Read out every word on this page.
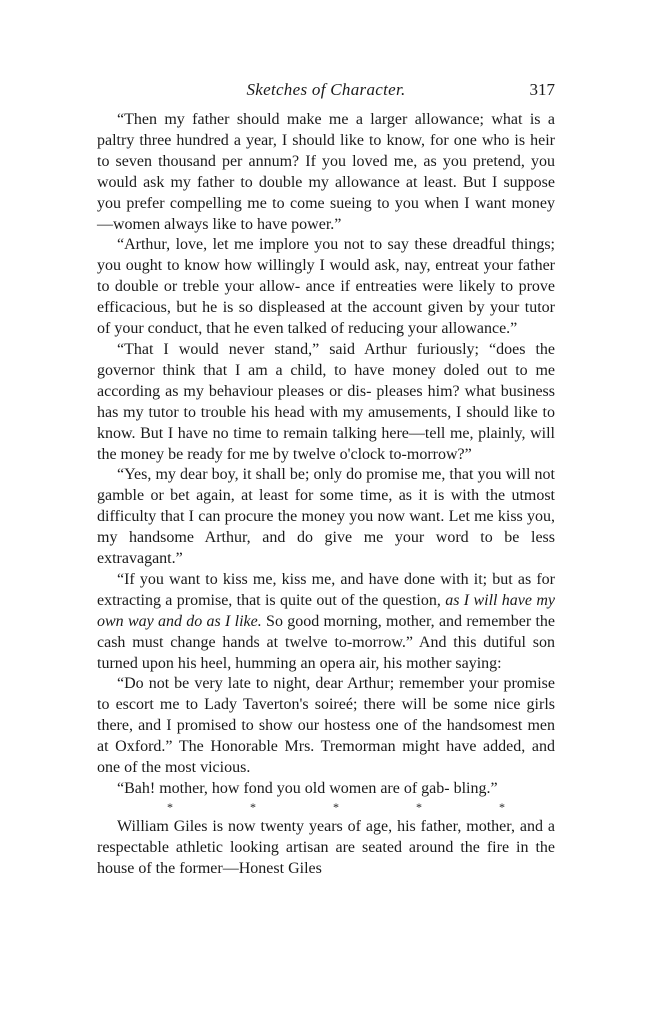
Sketches of Character.	317

“Then my father should make me a larger allowance; what is a paltry three hundred a year, I should like to know, for one who is heir to seven thousand per annum? If you loved me, as you pretend, you would ask my father to double my allowance at least. But I suppose you prefer compelling me to come sueing to you when I want money —women always like to have power.”

“Arthur, love, let me implore you not to say these dreadful things; you ought to know how willingly I would ask, nay, entreat your father to double or treble your allow- ance if entreaties were likely to prove efficacious, but he is so displeased at the account given by your tutor of your conduct, that he even talked of reducing your allowance.”

“That I would never stand,” said Arthur furiously; “does the governor think that I am a child, to have money doled out to me according as my behaviour pleases or dis- pleases him? what business has my tutor to trouble his head with my amusements, I should like to know. But I have no time to remain talking here—tell me, plainly, will the money be ready for me by twelve o'clock to-morrow?”

“Yes, my dear boy, it shall be; only do promise me, that you will not gamble or bet again, at least for some time, as it is with the utmost difficulty that I can procure the money you now want. Let me kiss you, my handsome Arthur, and do give me your word to be less extravagant.”

“If you want to kiss me, kiss me, and have done with it; but as for extracting a promise, that is quite out of the question, as I will have my own way and do as I like. So good morning, mother, and remember the cash must change hands at twelve to-morrow.” And this dutiful son turned upon his heel, humming an opera air, his mother saying:

“Do not be very late to night, dear Arthur; remember your promise to escort me to Lady Taverton's soireé; there will be some nice girls there, and I promised to show our hostess one of the handsomest men at Oxford.” The Honorable Mrs. Tremorman might have added, and one of the most vicious.

“Bah! mother, how fond you old women are of gab- bling.”

*	*	*	*	*

William Giles is now twenty years of age, his father, mother, and a respectable athletic looking artisan are seated around the fire in the house of the former—Honest Giles
